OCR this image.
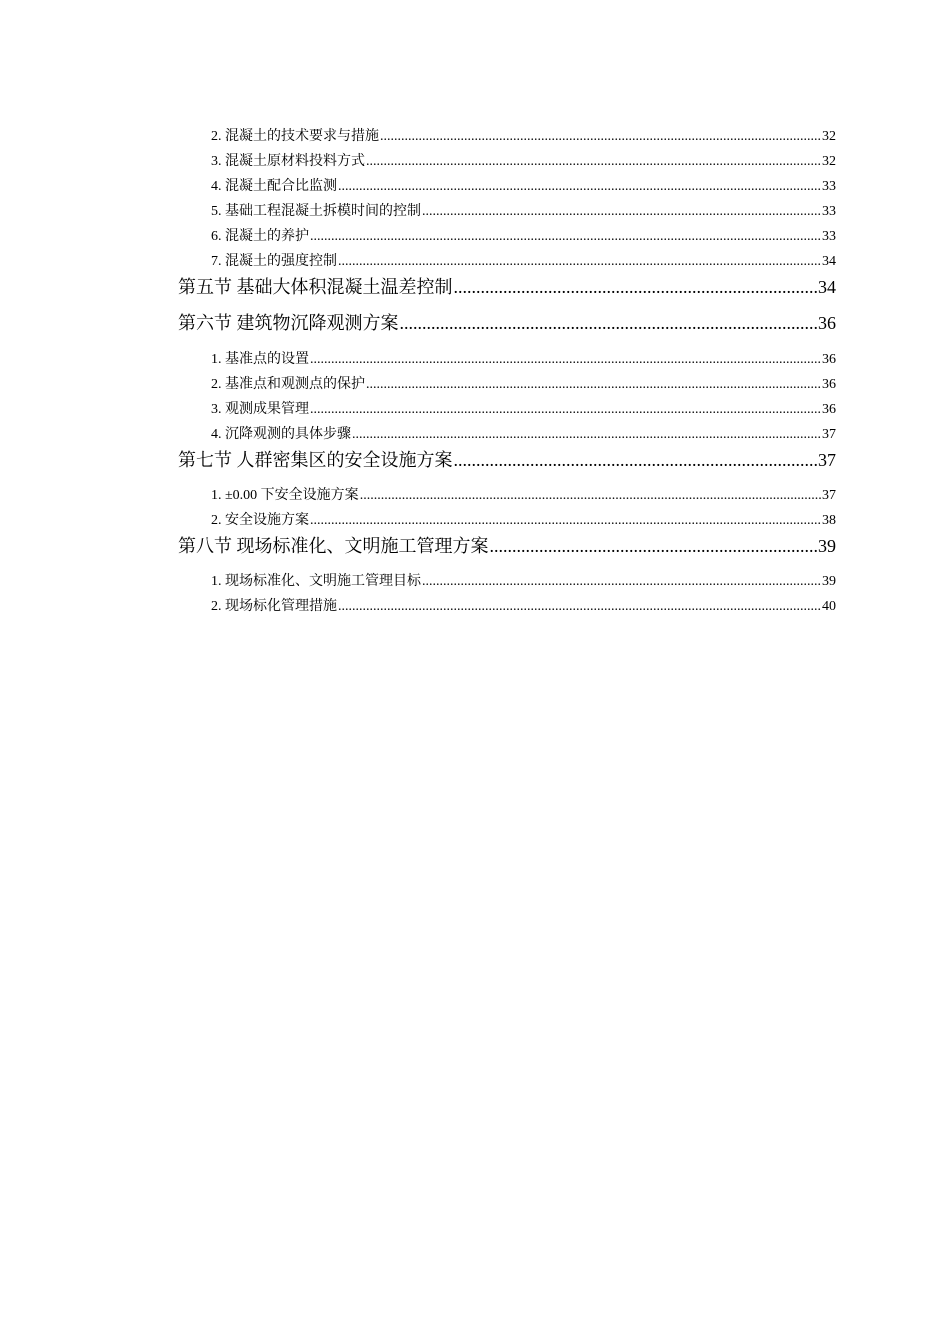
2. 混凝土的技术要求与措施 .....	32
3. 混凝土原材料投料方式 .....	32
4. 混凝土配合比监测 .....	33
5. 基础工程混凝土拆模时间的控制 .....	33
6. 混凝土的养护 .....	33
7. 混凝土的强度控制 .....	34
第五节 基础大体积混凝土温差控制 .....	34
第六节 建筑物沉降观测方案 .....	36
1. 基准点的设置 .....	36
2. 基准点和观测点的保护 .....	36
3. 观测成果管理 .....	36
4. 沉降观测的具体步骤 .....	37
第七节 人群密集区的安全设施方案 .....	37
1. ±0.00 下安全设施方案 .....	37
2. 安全设施方案 .....	38
第八节 现场标准化、文明施工管理方案 .....	39
1. 现场标准化、文明施工管理目标 .....	39
2. 现场标化管理措施 .....	40
